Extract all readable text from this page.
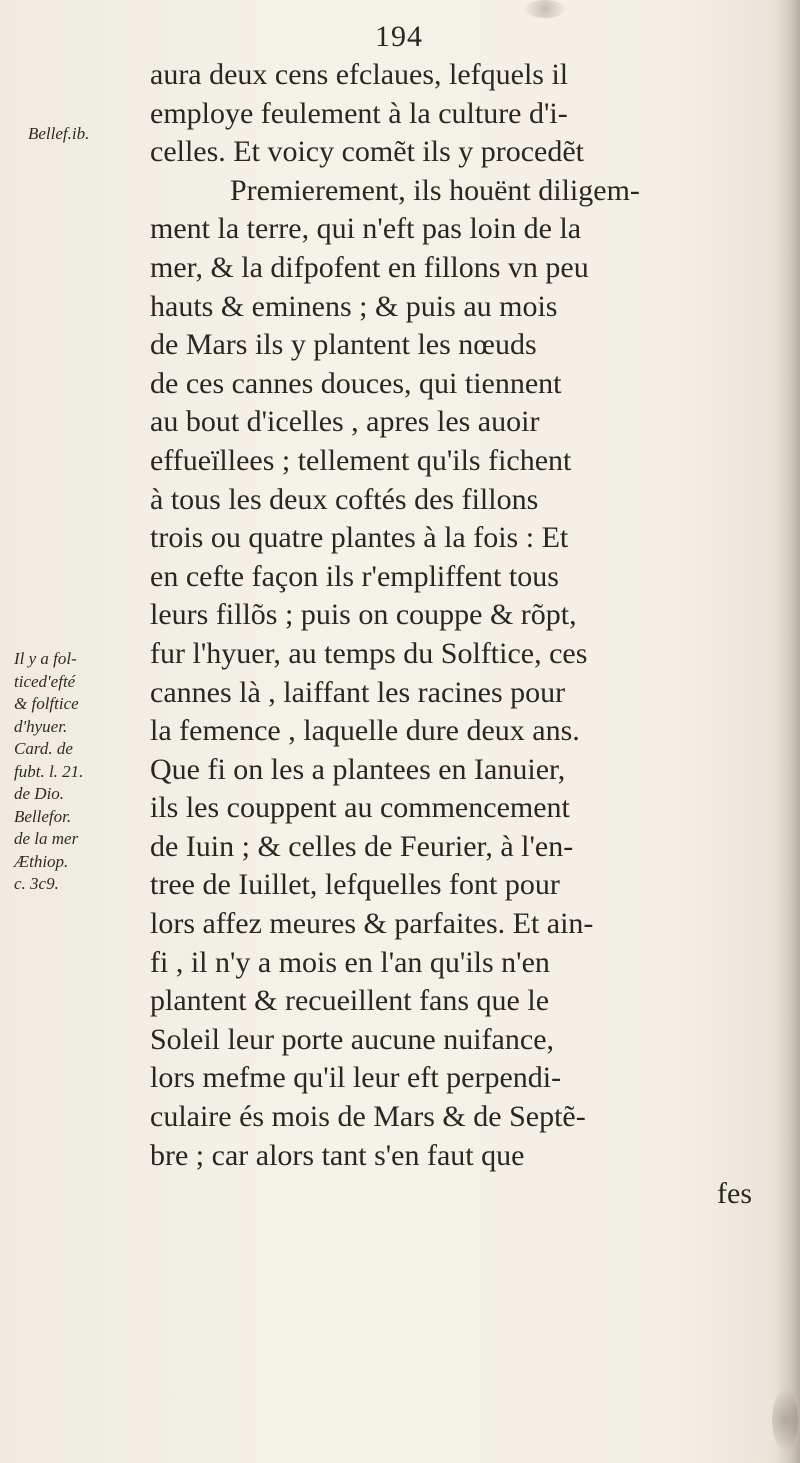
194
Bellef.ib.
Il y a fol-
ticed'efté
& folftice
d'hyuer.
Card. de
fubt. l. 21.
de Dio.
Bellefor.
de la mer
Æthiop.
c. 3c9.
aura deux cens efclaues, lefquels il
employe feulement à la culture d'i-
celles. Et voicy comẽt ils y procedẽt
Premierement, ils houënt diligem-
ment la terre, qui n'eft pas loin de la
mer, & la difpofent en fillons vn peu
hauts & eminens ; & puis au mois
de Mars ils y plantent les nœuds
de ces cannes douces, qui tiennent
au bout d'icelles , apres les auoir
effueïllees ; tellement qu'ils fichent
à tous les deux coftés des fillons
trois ou quatre plantes à la fois : Et
en cefte façon ils r'empliffent tous
leurs fillõs ; puis on couppe & rõpt,
fur l'hyuer, au temps du Solftice, ces
cannes là , laiffant les racines pour
la femence , laquelle dure deux ans.
Que fi on les a plantees en Ianuier,
ils les couppent au commencement
de Iuin ; & celles de Feurier, à l'en-
tree de Iuillet, lefquelles font pour
lors affez meures & parfaites. Et ain-
fi , il n'y a mois en l'an qu'ils n'en
plantent & recueillent fans que le
Soleil leur porte aucune nuifance,
lors mefme qu'il leur eft perpendi-
culaire és mois de Mars & de Septẽ-
bre ; car alors tant s'en faut que
fes
